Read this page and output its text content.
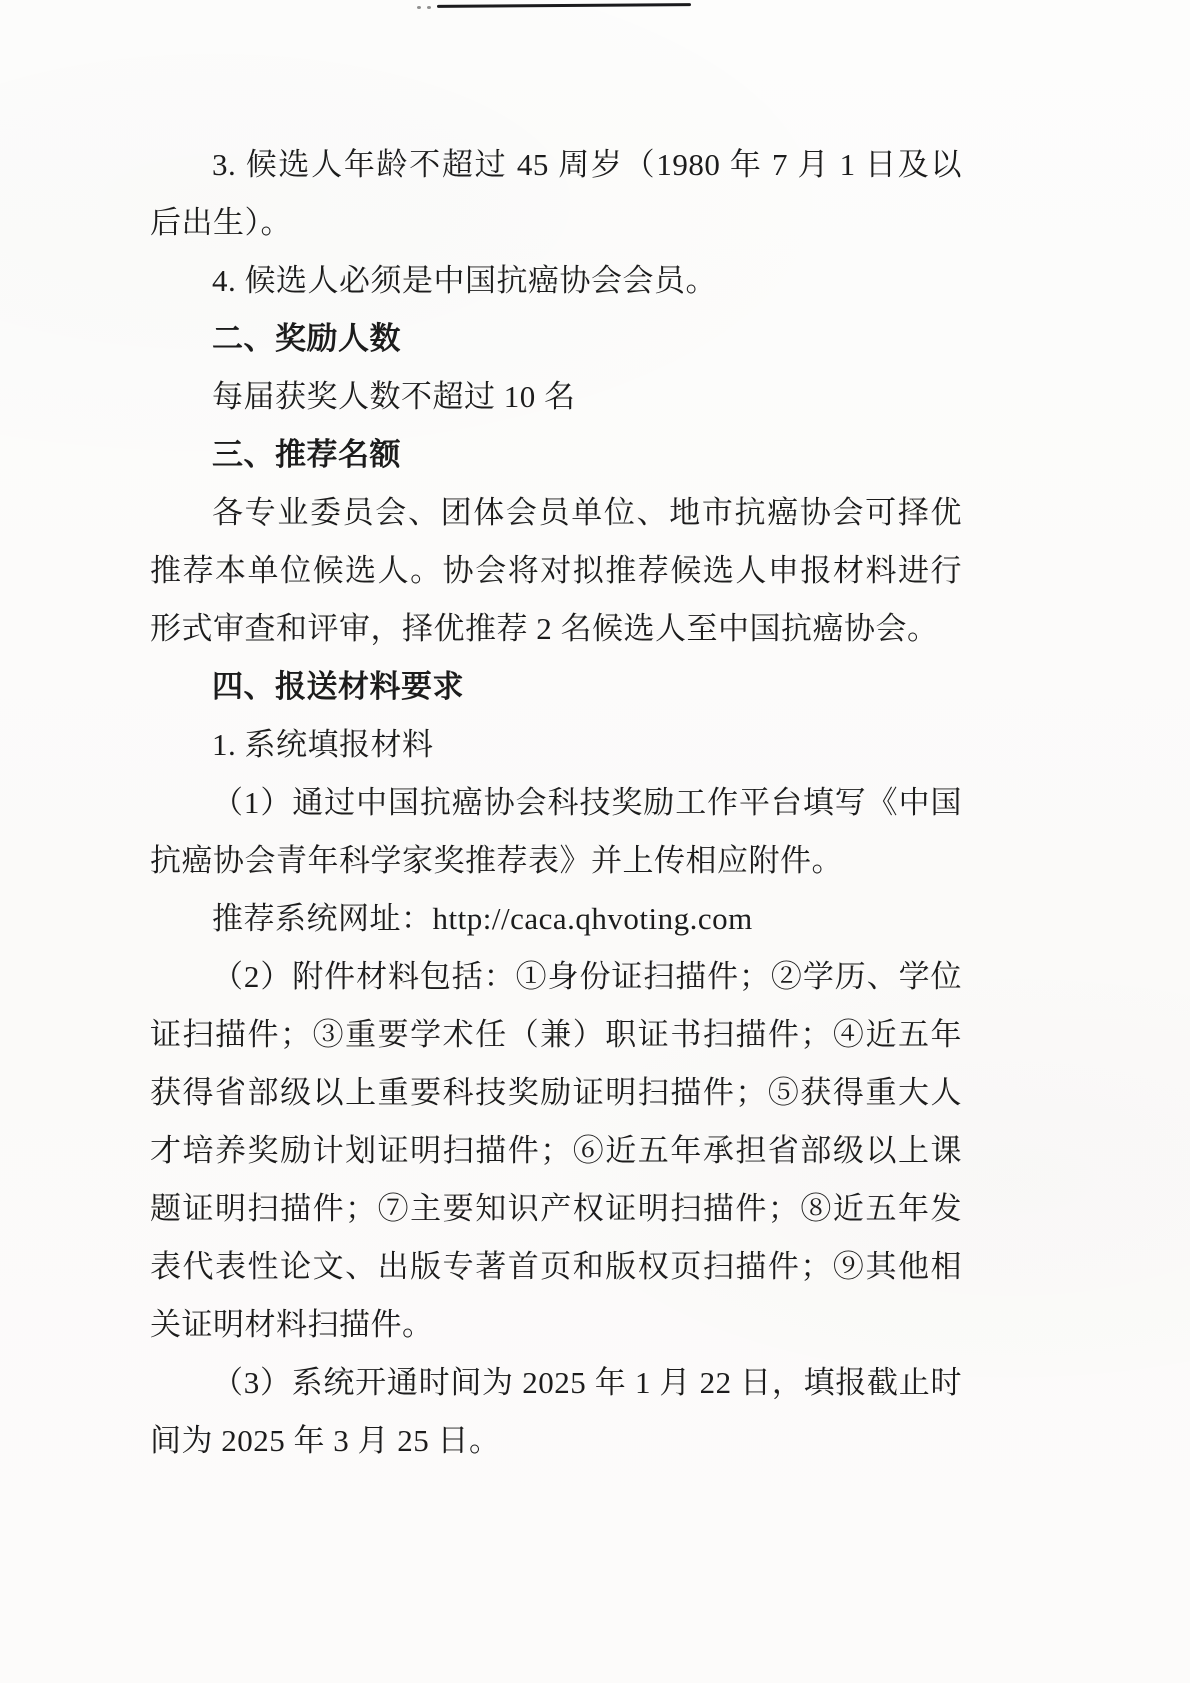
3. 候选人年龄不超过 45 周岁（1980 年 7 月 1 日及以后出生）。

4. 候选人必须是中国抗癌协会会员。

二、奖励人数

每届获奖人数不超过 10 名

三、推荐名额

各专业委员会、团体会员单位、地市抗癌协会可择优推荐本单位候选人。协会将对拟推荐候选人申报材料进行形式审查和评审，择优推荐 2 名候选人至中国抗癌协会。

四、报送材料要求

1. 系统填报材料

（1）通过中国抗癌协会科技奖励工作平台填写《中国抗癌协会青年科学家奖推荐表》并上传相应附件。

推荐系统网址：http://caca.qhvoting.com

（2）附件材料包括：①身份证扫描件；②学历、学位证扫描件；③重要学术任（兼）职证书扫描件；④近五年获得省部级以上重要科技奖励证明扫描件；⑤获得重大人才培养奖励计划证明扫描件；⑥近五年承担省部级以上课题证明扫描件；⑦主要知识产权证明扫描件；⑧近五年发表代表性论文、出版专著首页和版权页扫描件；⑨其他相关证明材料扫描件。

（3）系统开通时间为 2025 年 1 月 22 日，填报截止时间为 2025 年 3 月 25 日。
